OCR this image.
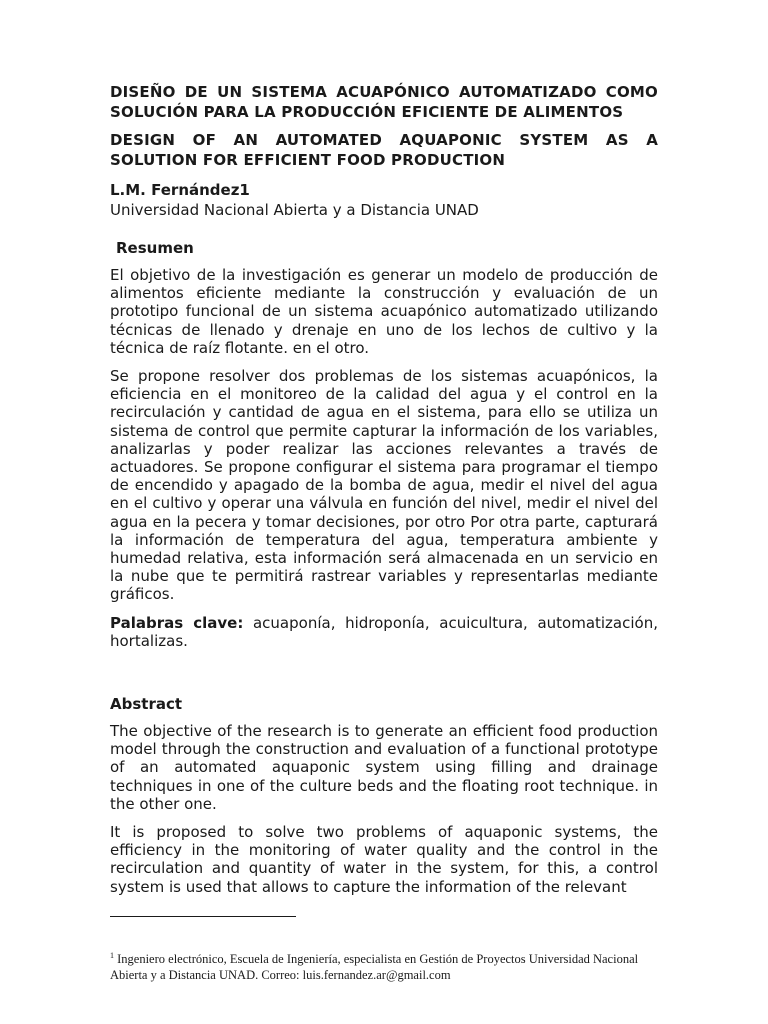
DISEÑO DE UN SISTEMA ACUAPÓNICO AUTOMATIZADO COMO SOLUCIÓN PARA LA PRODUCCIÓN EFICIENTE DE ALIMENTOS
DESIGN OF AN AUTOMATED AQUAPONIC SYSTEM AS A SOLUTION FOR EFFICIENT FOOD PRODUCTION
L.M. Fernández1
Universidad Nacional Abierta y a Distancia UNAD
Resumen

El objetivo de la investigación es generar un modelo de producción de alimentos eficiente mediante la construcción y evaluación de un prototipo funcional de un sistema acuapónico automatizado utilizando técnicas de llenado y drenaje en uno de los lechos de cultivo y la técnica de raíz flotante. en el otro.

Se propone resolver dos problemas de los sistemas acuapónicos, la eficiencia en el monitoreo de la calidad del agua y el control en la recirculación y cantidad de agua en el sistema, para ello se utiliza un sistema de control que permite capturar la información de los variables, analizarlas y poder realizar las acciones relevantes a través de actuadores. Se propone configurar el sistema para programar el tiempo de encendido y apagado de la bomba de agua, medir el nivel del agua en el cultivo y operar una válvula en función del nivel, medir el nivel del agua en la pecera y tomar decisiones, por otro Por otra parte, capturará la información de temperatura del agua, temperatura ambiente y humedad relativa, esta información será almacenada en un servicio en la nube que te permitirá rastrear variables y representarlas mediante gráficos.

Palabras clave: acuaponía, hidroponía, acuicultura, automatización, hortalizas.

Abstract

The objective of the research is to generate an efficient food production model through the construction and evaluation of a functional prototype of an automated aquaponic system using filling and drainage techniques in one of the culture beds and the floating root technique. in the other one.

It is proposed to solve two problems of aquaponic systems, the efficiency in the monitoring of water quality and the control in the recirculation and quantity of water in the system, for this, a control system is used that allows to capture the information of the relevant

$^1$ Ingeniero electrónico, Escuela de Ingeniería, especialista en Gestión de Proyectos Universidad Nacional Abierta y a Distancia UNAD. Correo: luis.fernandez.ar@gmail.com
